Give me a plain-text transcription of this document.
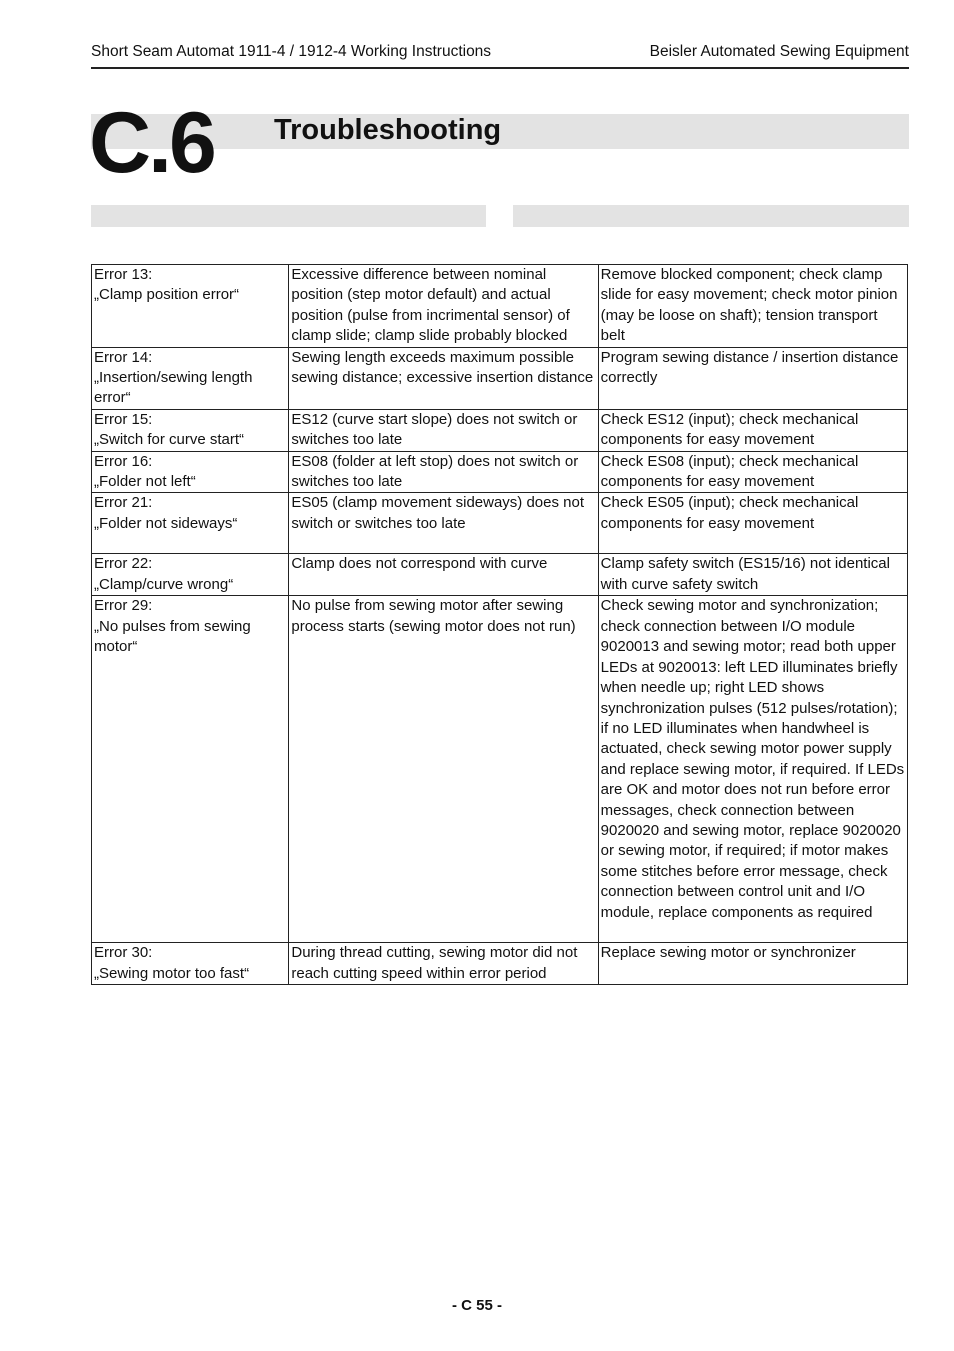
Short Seam Automat 1911-4 / 1912-4 Working Instructions	Beisler Automated Sewing Equipment
C.6 Troubleshooting
Error 13:
„Clamp position error“	Excessive difference between nominal position (step motor default) and actual position (pulse from incrimental sensor) of clamp slide; clamp slide probably blocked	Remove blocked component; check clamp slide for easy movement; check motor pinion (may be loose on shaft); tension transport belt
Error 14:
„Insertion/sewing length error“	Sewing length exceeds maximum possible sewing distance; excessive insertion distance	Program sewing distance / insertion distance correctly
Error 15:
„Switch for curve start“	ES12 (curve start slope) does not switch or switches too late	Check ES12 (input); check mechanical components for easy movement
Error 16:
„Folder not left“	ES08 (folder at left stop) does not switch or switches too late	Check ES08 (input); check mechanical components for easy movement
Error 21:
„Folder not sideways“	ES05 (clamp movement sideways) does not switch or switches too late	Check ES05 (input); check mechanical components for easy movement
Error 22:
„Clamp/curve wrong“	Clamp does not correspond with curve	Clamp safety switch (ES15/16) not identical with curve safety switch
Error 29:
„No pulses from sewing motor“	No pulse from sewing motor after sewing process starts (sewing motor does not run)	Check sewing motor and synchronization; check connection between I/O module 9020013 and sewing motor; read both upper LEDs at 9020013: left LED illuminates briefly when needle up; right LED shows synchronization pulses (512 pulses/rotation); if no LED illuminates when handwheel is actuated, check sewing motor power supply and replace sewing motor, if required. If LEDs are OK and motor does not run before error messages, check connection between 9020020 and sewing motor, replace 9020020 or sewing motor, if required; if motor makes some stitches before error message, check connection between control unit and I/O module, replace components as required
Error 30:
„Sewing motor too fast“	During thread cutting, sewing motor did not reach cutting speed within error period	Replace sewing motor or synchronizer
- C 55 -
